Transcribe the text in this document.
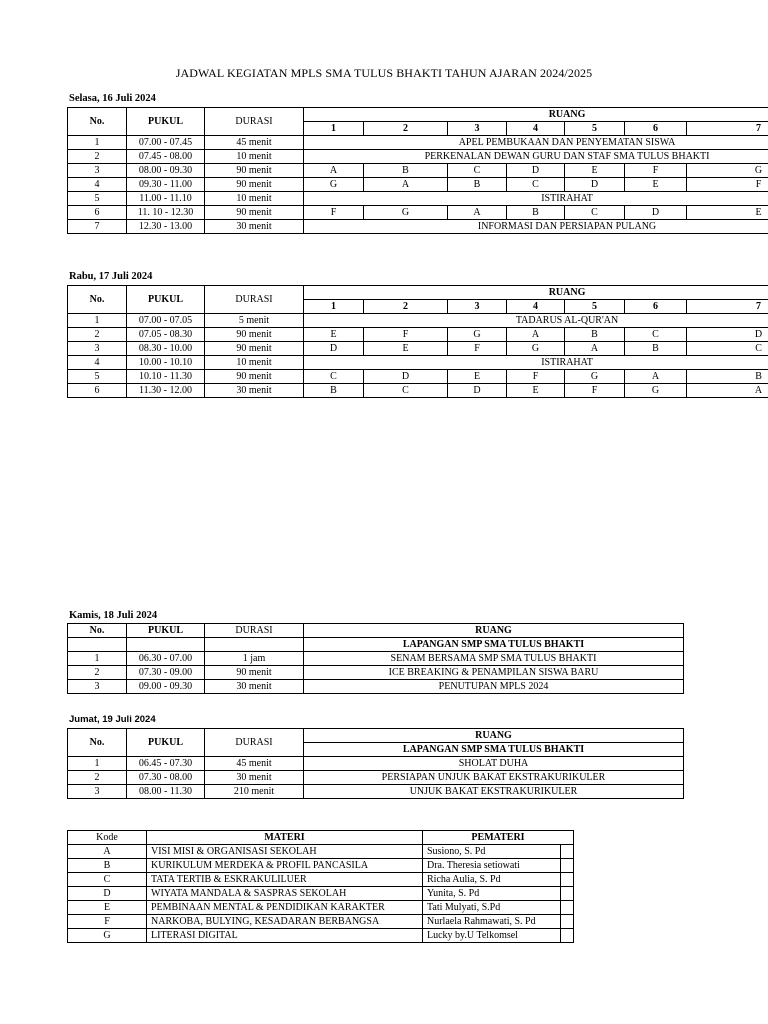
JADWAL KEGIATAN MPLS SMA TULUS BHAKTI TAHUN AJARAN 2024/2025
Selasa, 16 Juli 2024
No.	PUKUL	DURASI	RUANG						
			1	2	3	4	5	6	7
1	07.00 - 07.45	45 menit	APEL PEMBUKAAN DAN PENYEMATAN SISWA						
2	07.45 - 08.00	10 menit	PERKENALAN DEWAN GURU DAN STAF SMA TULUS BHAKTI						
3	08.00 - 09.30	90 menit	A	B	C	D	E	F	G
4	09.30 - 11.00	90 menit	G	A	B	C	D	E	F
5	11.00 - 11.10	10 menit	ISTIRAHAT						
6	11. 10 - 12.30	90 menit	F	G	A	B	C	D	E
7	12.30 - 13.00	30 menit	INFORMASI DAN PERSIAPAN PULANG						
Rabu, 17 Juli 2024
No.	PUKUL	DURASI	RUANG						
			1	2	3	4	5	6	7
1	07.00 - 07.05	5 menit	TADARUS AL-QUR'AN						
2	07.05 - 08.30	90 menit	E	F	G	A	B	C	D
3	08.30 - 10.00	90 menit	D	E	F	G	A	B	C
4	10.00 - 10.10	10 menit	ISTIRAHAT						
5	10.10 - 11.30	90 menit	C	D	E	F	G	A	B
6	11.30 - 12.00	30 menit	B	C	D	E	F	G	A
Kamis, 18 Juli 2024
No.	PUKUL	DURASI	RUANG
			LAPANGAN SMP SMA TULUS BHAKTI
1	06.30 - 07.00	1 jam	SENAM BERSAMA SMP SMA TULUS BHAKTI
2	07.30 - 09.00	90 menit	ICE BREAKING & PENAMPILAN SISWA BARU
3	09.00 - 09.30	30 menit	PENUTUPAN MPLS 2024
Jumat, 19 Juli 2024
No.	PUKUL	DURASI	RUANG
			LAPANGAN SMP SMA TULUS BHAKTI
1	06.45 - 07.30	45 menit	SHOLAT DUHA
2	07.30 - 08.00	30 menit	PERSIAPAN UNJUK BAKAT EKSTRAKURIKULER
3	08.00 - 11.30	210 menit	UNJUK BAKAT EKSTRAKURIKULER
Kode	MATERI	PEMATERI	
A	VISI MISI & ORGANISASI SEKOLAH	Susiono, S. Pd	
B	KURIKULUM MERDEKA & PROFIL PANCASILA	Dra. Theresia setiowati	
C	TATA TERTIB & ESKRAKULILUER	Richa Aulia, S. Pd	
D	WIYATA MANDALA & SASPRAS SEKOLAH	Yunita, S. Pd	
E	PEMBINAAN MENTAL & PENDIDIKAN KARAKTER	Tati Mulyati, S.Pd	
F	NARKOBA, BULYING, KESADARAN BERBANGSA	Nurlaela Rahmawati, S. Pd	
G	LITERASI DIGITAL	Lucky by.U Telkomsel	
